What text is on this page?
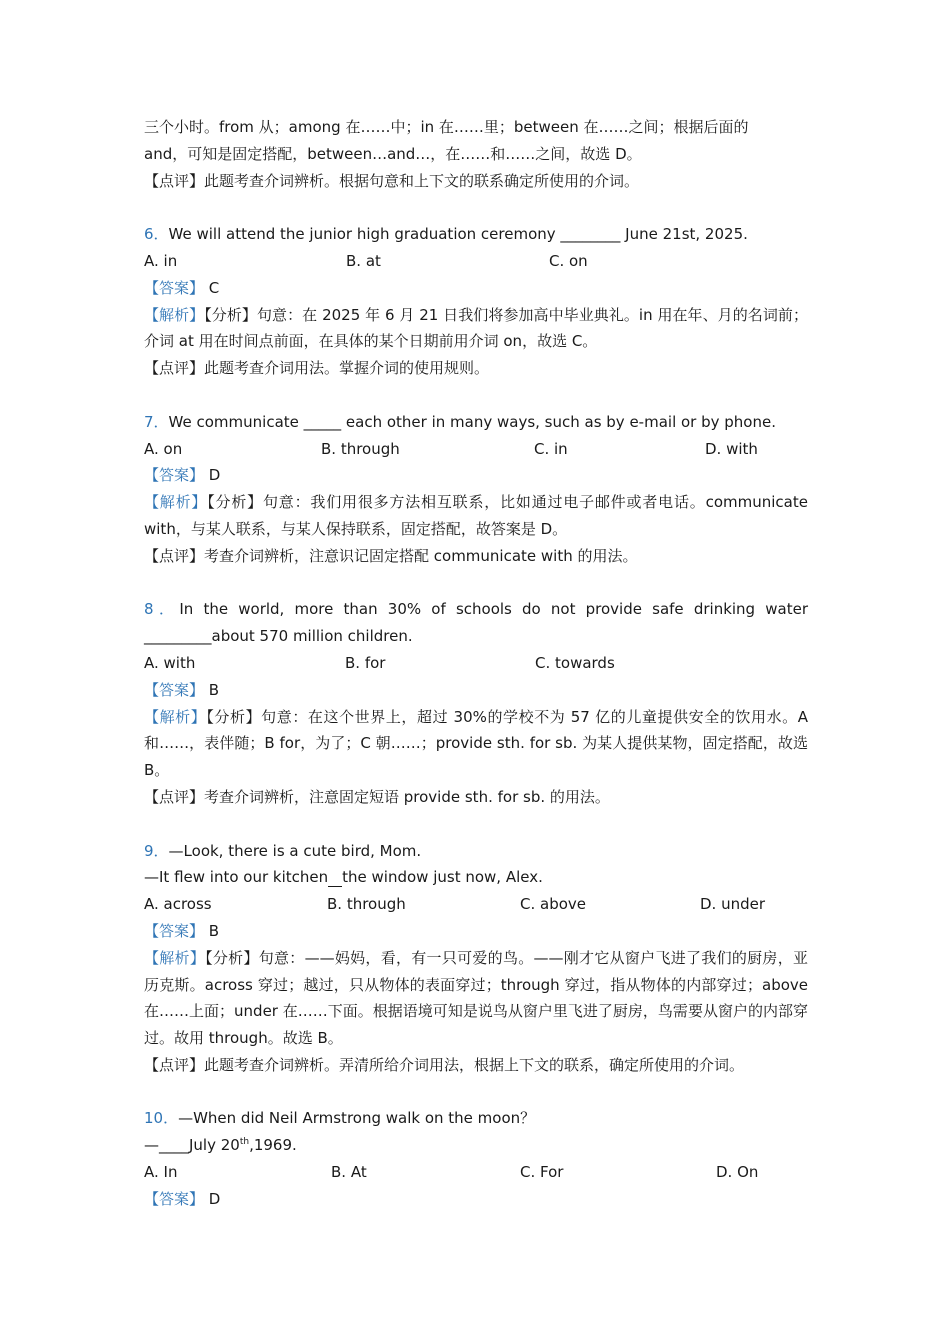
三个小时。from 从；among 在……中；in 在……里；between 在……之间；根据后面的
and，可知是固定搭配，between…and…，在……和……之间，故选 D。
【点评】此题考查介词辨析。根据句意和上下文的联系确定所使用的介词。
6．We will attend the junior high graduation ceremony ________ June 21st, 2025.
A. in	B. at	C. on
【答案】 C
【解析】【分析】句意：在 2025 年 6 月 21 日我们将参加高中毕业典礼。in 用在年、月的名词前；介词 at 用在时间点前面，在具体的某个日期前用介词 on，故选 C。
【点评】此题考查介词用法。掌握介词的使用规则。
7．We communicate _____ each other in many ways, such as by e-mail or by phone.
A. on	B. through	C. in	D. with
【答案】 D
【解析】【分析】句意：我们用很多方法相互联系，比如通过电子邮件或者电话。communicate with，与某人联系，与某人保持联系，固定搭配，故答案是 D。
【点评】考查介词辨析，注意识记固定搭配 communicate with 的用法。
8．In the world, more than 30% of schools do not provide safe drinking water _________about 570 million children.
A. with	B. for	C. towards
【答案】 B
【解析】【分析】句意：在这个世界上，超过 30%的学校不为 57 亿的儿童提供安全的饮用水。A 和……，表伴随；B for，为了；C 朝……；provide sth. for sb. 为某人提供某物，固定搭配，故选 B。
【点评】考查介词辨析，注意固定短语 provide sth. for sb. 的用法。
9．—Look, there is a cute bird, Mom.
—It flew into our kitchen the window just now, Alex.
A. across	B. through	C. above	D. under
【答案】 B
【解析】【分析】句意：——妈妈，看，有一只可爱的鸟。——刚才它从窗户飞进了我们的厨房，亚历克斯。across 穿过；越过，只从物体的表面穿过；through 穿过，指从物体的内部穿过；above 在……上面；under 在……下面。根据语境可知是说鸟从窗户里飞进了厨房，鸟需要从窗户的内部穿过。故用 through。故选 B。
【点评】此题考查介词辨析。弄清所给介词用法，根据上下文的联系，确定所使用的介词。
10．—When did Neil Armstrong walk on the moon？
—____July 20th,1969.
A. In	B. At	C. For	D. On
【答案】 D
